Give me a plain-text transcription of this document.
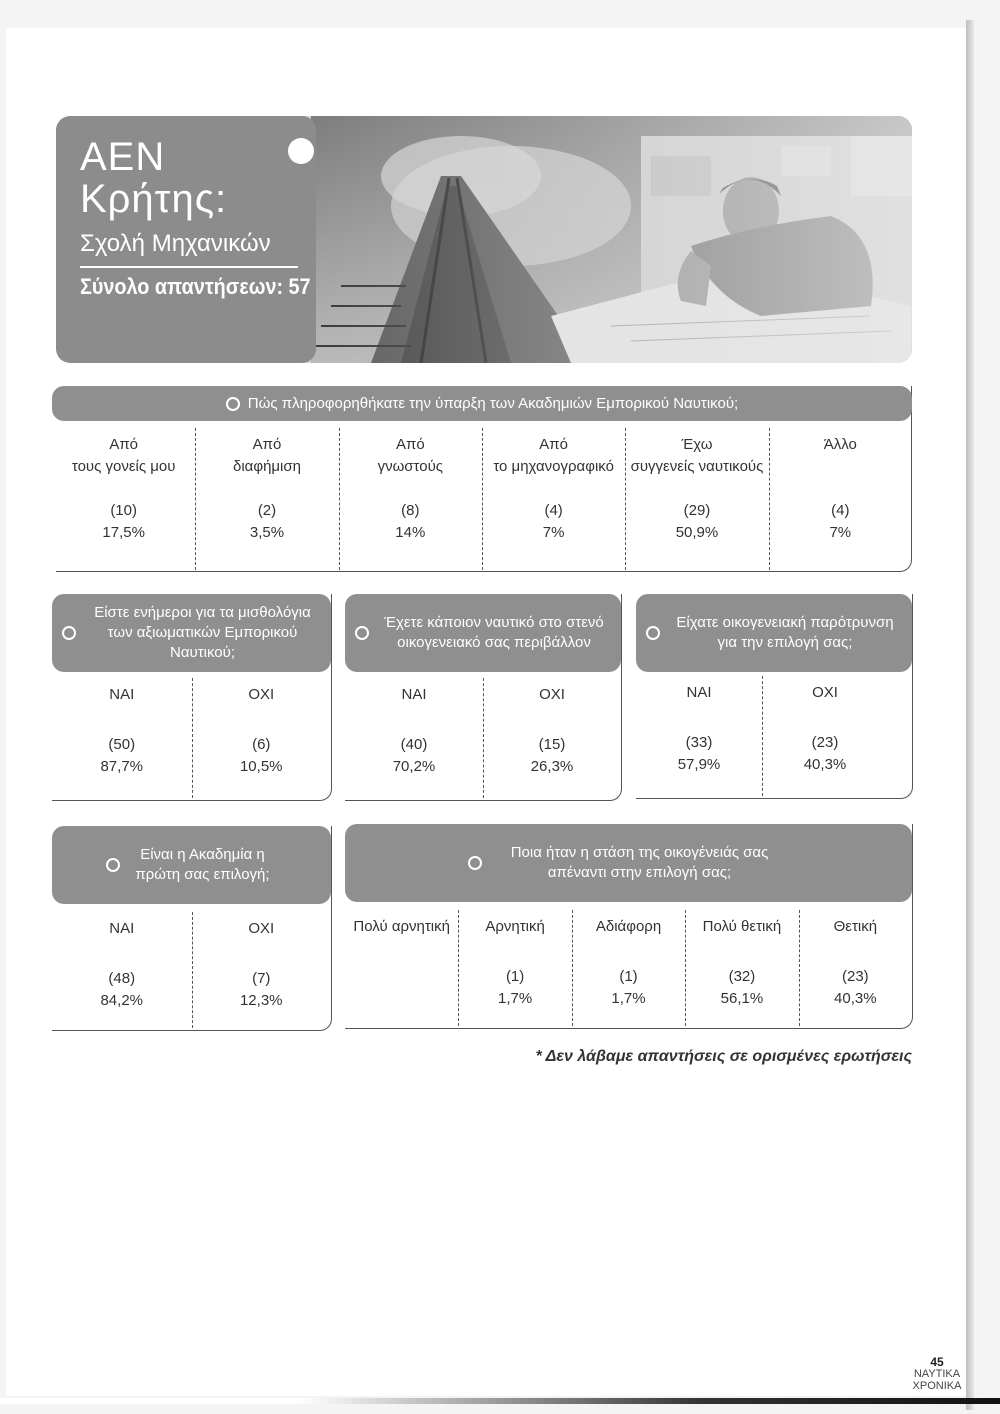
ΑΕΝ
Κρήτης:
Σχολή Μηχανικών
Σύνολο απαντήσεων: 57
Πώς πληροφορηθήκατε την ύπαρξη των Ακαδημιών Εμπορικού Ναυτικού;
Από
τους γονείς μου
(10)
17,5%
Από
διαφήμιση
(2)
3,5%
Από
γνωστούς
(8)
14%
Από
το μηχανογραφικό
(4)
7%
Έχω
συγγενείς ναυτικούς
(29)
50,9%
Άλλο
(4)
7%
Είστε ενήμεροι για τα μισθολόγια των αξιωματικών Εμπορικού Ναυτικού;
ΝΑΙ
(50)
87,7%
ΟΧΙ
(6)
10,5%
Έχετε κάποιον ναυτικό στο στενό οικογενειακό σας περιβάλλον
ΝΑΙ
(40)
70,2%
ΟΧΙ
(15)
26,3%
Είχατε οικογενειακή παρότρυνση για την επιλογή σας;
ΝΑΙ
(33)
57,9%
ΟΧΙ
(23)
40,3%
Είναι η Ακαδημία η πρώτη σας επιλογή;
ΝΑΙ
(48)
84,2%
ΟΧΙ
(7)
12,3%
Ποια ήταν η στάση της οικογένειάς σας απέναντι στην επιλογή σας;
Πολύ αρνητική	Αρνητική
(1)
1,7%
Αδιάφορη
(1)
1,7%
Πολύ θετική
(32)
56,1%
Θετική
(23)
40,3%
* Δεν λάβαμε απαντήσεις σε ορισμένες ερωτήσεις
45
ΝΑΥΤΙΚΑ
ΧΡΟΝΙΚΑ
